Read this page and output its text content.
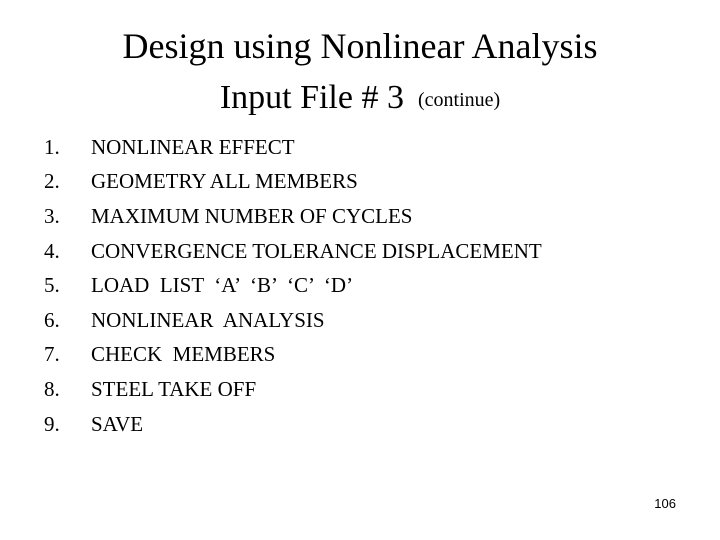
Design using Nonlinear Analysis
Input File # 3 (continue)
1.	NONLINEAR EFFECT
2.	GEOMETRY ALL MEMBERS
3.	MAXIMUM NUMBER OF CYCLES
4.	CONVERGENCE TOLERANCE DISPLACEMENT
5.	LOAD  LIST  ‘A’  ‘B’  ‘C’  ‘D’
6.	NONLINEAR  ANALYSIS
7.	CHECK  MEMBERS
8.	STEEL TAKE OFF
9.	SAVE
106
